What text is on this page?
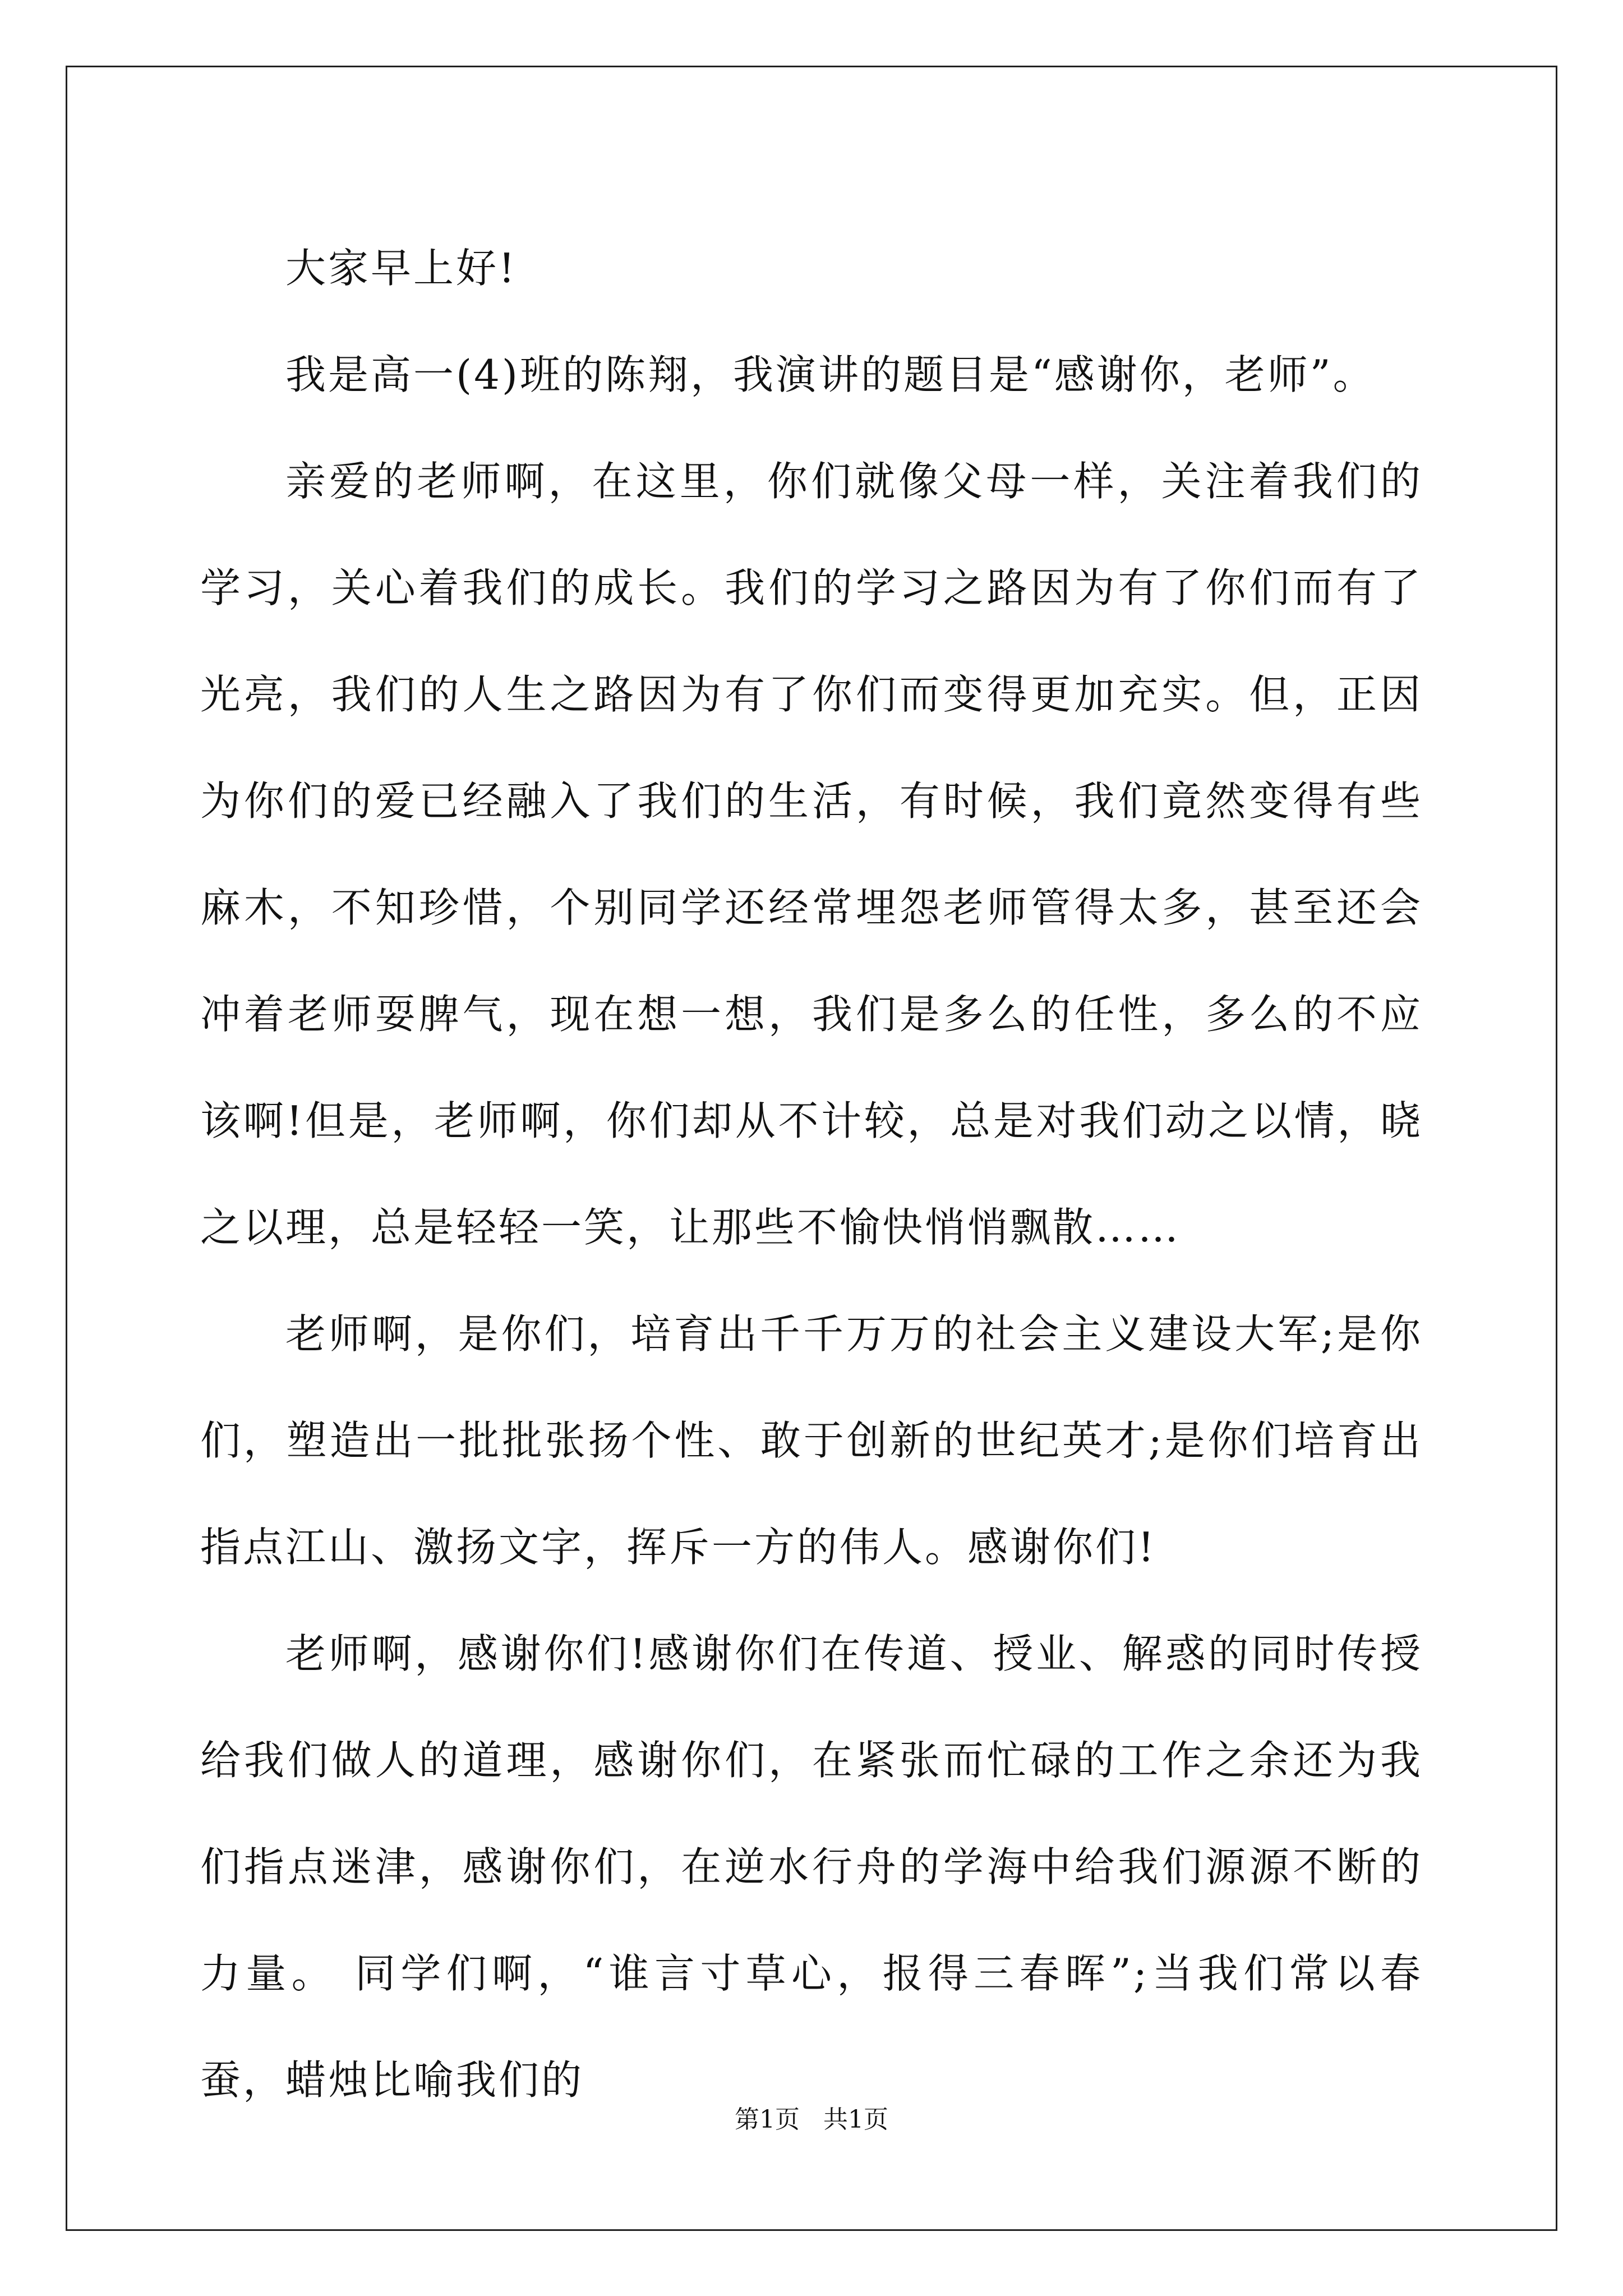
大家早上好!

我是高一(4)班的陈翔，我演讲的题目是“感谢你，老师”。

亲爱的老师啊，在这里，你们就像父母一样，关注着我们的学习，关心着我们的成长。我们的学习之路因为有了你们而有了光亮，我们的人生之路因为有了你们而变得更加充实。但，正因为你们的爱已经融入了我们的生活，有时候，我们竟然变得有些麻木，不知珍惜，个别同学还经常埋怨老师管得太多，甚至还会冲着老师耍脾气，现在想一想，我们是多么的任性，多么的不应该啊!但是，老师啊，你们却从不计较，总是对我们动之以情，晓之以理，总是轻轻一笑，让那些不愉快悄悄飘散……

老师啊，是你们，培育出千千万万的社会主义建设大军;是你们，塑造出一批批张扬个性、敢于创新的世纪英才;是你们培育出指点江山、激扬文字，挥斥一方的伟人。感谢你们!

老师啊，感谢你们!感谢你们在传道、授业、解惑的同时传授给我们做人的道理，感谢你们，在紧张而忙碌的工作之余还为我们指点迷津，感谢你们，在逆水行舟的学海中给我们源源不断的力量。 同学们啊，“谁言寸草心，报得三春晖”;当我们常以春蚕，蜡烛比喻我们的

第1页 共1页
